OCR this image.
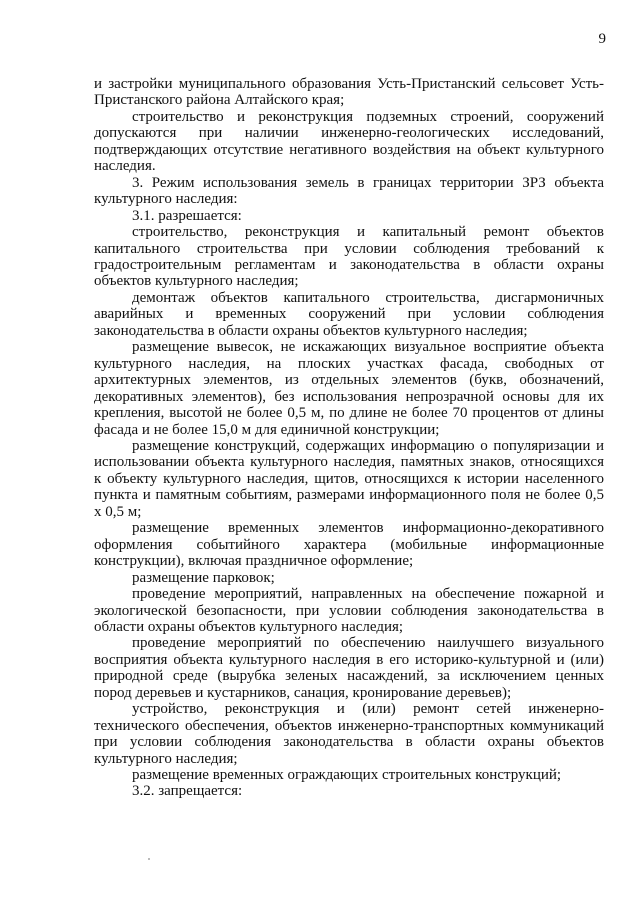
9

и застройки муниципального образования Усть-Пристанский сельсовет Усть-Пристанского района Алтайского края;

строительство и реконструкция подземных строений, сооружений допускаются при наличии инженерно-геологических исследований, подтверждающих отсутствие негативного воздействия на объект культурного наследия.

3. Режим использования земель в границах территории ЗРЗ объекта культурного наследия:

3.1. разрешается:

строительство, реконструкция и капитальный ремонт объектов капитального строительства при условии соблюдения требований к градостроительным регламентам и законодательства в области охраны объектов культурного наследия;

демонтаж объектов капитального строительства, дисгармоничных аварийных и временных сооружений при условии соблюдения законодательства в области охраны объектов культурного наследия;

размещение вывесок, не искажающих визуальное восприятие объекта культурного наследия, на плоских участках фасада, свободных от архитектурных элементов, из отдельных элементов (букв, обозначений, декоративных элементов), без использования непрозрачной основы для их крепления, высотой не более 0,5 м, по длине не более 70 процентов от длины фасада и не более 15,0 м для единичной конструкции;

размещение конструкций, содержащих информацию о популяризации и использовании объекта культурного наследия, памятных знаков, относящихся к объекту культурного наследия, щитов, относящихся к истории населенного пункта и памятным событиям, размерами информационного поля не более 0,5 х 0,5 м;

размещение временных элементов информационно-декоративного оформления событийного характера (мобильные информационные конструкции), включая праздничное оформление;

размещение парковок;

проведение мероприятий, направленных на обеспечение пожарной и экологической безопасности, при условии соблюдения законодательства в области охраны объектов культурного наследия;

проведение мероприятий по обеспечению наилучшего визуального восприятия объекта культурного наследия в его историко-культурной и (или) природной среде (вырубка зеленых насаждений, за исключением ценных пород деревьев и кустарников, санация, кронирование деревьев);

устройство, реконструкция и (или) ремонт сетей инженерно-технического обеспечения, объектов инженерно-транспортных коммуникаций при условии соблюдения законодательства в области охраны объектов культурного наследия;

размещение временных ограждающих строительных конструкций;

3.2. запрещается:
